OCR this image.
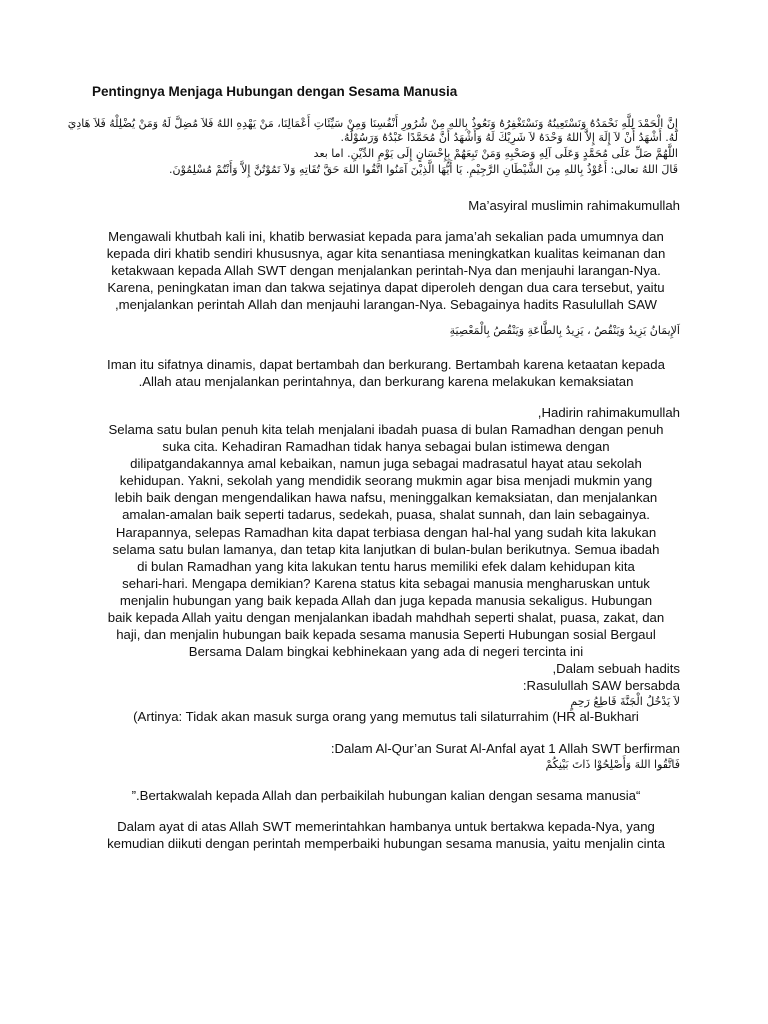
Pentingnya Menjaga Hubungan dengan Sesama Manusia
إِنَّ الْحَمْدَ لِلَّهِ نَحْمَدُهُ وَنَسْتَعِينُهُ وَنَسْتَغْفِرُهُ وَنَعُوذُ بِاللهِ مِنْ شُرُورِ أَنْفُسِنَا وَمِنْ سَيِّئَاتِ أَعْمَالِنَا، مَنْ يَهْدِهِ اللهُ فَلاَ مُضِلَّ لَهُ وَمَنْ يُضْلِلْهُ فَلاَ هَادِيَ
لَهُ. أَشْهَدُ أَنْ لاَ إِلَهَ إِلاَّ اللهُ وَحْدَهُ لاَ شَرِيْكَ لَهُ وَأَشْهَدُ أَنَّ مُحَمَّدًا عَبْدُهُ وَرَسُوْلُهُ.
اللَّهُمَّ صَلِّ عَلَى مُحَمَّدٍ وَعَلَى آلِهِ وَصَحْبِهِ وَمَنْ تَبِعَهُمْ بِإِحْسَانٍ إِلَى يَوْمِ الدِّيْنِ. اما بعد
قَالَ اللهُ تعالى: أَعُوْذُ بِاللهِ مِنَ الشَّيْطَانِ الرَّجِيْمِ. يَا أَيُّهَا الَّذِيْنَ آمَنُوا اتَّقُوا اللهَ حَقَّ تُقَاتِهِ وَلاَ تَمُوْتُنَّ إِلاَّ وَأَنْتُمْ مُسْلِمُوْنَ.
Ma’asyiral muslimin rahimakumullah
Mengawali khutbah kali ini, khatib berwasiat kepada para jama’ah sekalian pada umumnya dan
kepada diri khatib sendiri khususnya, agar kita senantiasa meningkatkan kualitas keimanan dan
ketakwaan kepada Allah SWT dengan menjalankan perintah-Nya dan menjauhi larangan-Nya.
Karena, peningkatan iman dan takwa sejatinya dapat diperoleh dengan dua cara tersebut, yaitu
,menjalankan perintah Allah dan menjauhi larangan-Nya. Sebagainya hadits Rasulullah SAW
اَلإِيمَانُ يَزِيدُ وَيَنْقُصُ ، يَزِيدُ بِالطَّاعَةِ وَيَنْقُصُ بِالْمَعْصِيَةِ
Iman itu sifatnya dinamis, dapat bertambah dan berkurang. Bertambah karena ketaatan kepada
.Allah atau menjalankan perintahnya, dan berkurang karena melakukan kemaksiatan
,Hadirin rahimakumullah
Selama satu bulan penuh kita telah menjalani ibadah puasa di bulan Ramadhan dengan penuh
suka cita. Kehadiran Ramadhan tidak hanya sebagai bulan istimewa dengan
dilipatgandakannya amal kebaikan, namun juga sebagai madrasatul hayat atau sekolah
kehidupan. Yakni, sekolah yang mendidik seorang mukmin agar bisa menjadi mukmin yang
lebih baik dengan mengendalikan hawa nafsu, meninggalkan kemaksiatan, dan menjalankan
amalan-amalan baik seperti tadarus, sedekah, puasa, shalat sunnah, dan lain sebagainya.
Harapannya, selepas Ramadhan kita dapat terbiasa dengan hal-hal yang sudah kita lakukan
selama satu bulan lamanya, dan tetap kita lanjutkan di bulan-bulan berikutnya. Semua ibadah
di bulan Ramadhan yang kita lakukan tentu harus memiliki efek dalam kehidupan kita
sehari-hari. Mengapa demikian? Karena status kita sebagai manusia mengharuskan untuk
menjalin hubungan yang baik kepada Allah dan juga kepada manusia sekaligus. Hubungan
baik kepada Allah yaitu dengan menjalankan ibadah mahdhah seperti shalat, puasa, zakat, dan
haji, dan menjalin hubungan baik kepada sesama manusia Seperti Hubungan sosial Bergaul
Bersama Dalam bingkai kebhinekaan yang ada di negeri tercinta ini
,Dalam sebuah hadits
:Rasulullah SAW bersabda
لاَ يَدْخُلُ الْجَنَّةَ قَاطِعُ رَحِمٍ
(Artinya: Tidak akan masuk surga orang yang memutus tali silaturrahim (HR al-Bukhari
:Dalam Al-Qur’an Surat Al-Anfal ayat 1 Allah SWT berfirman
فَاتَّقُوا اللهَ وَأَصْلِحُوْا ذَاتَ بَيْنِكُمْ
”.Bertakwalah kepada Allah dan perbaikilah hubungan kalian dengan sesama manusia“
Dalam ayat di atas Allah SWT memerintahkan hambanya untuk bertakwa kepada-Nya, yang
kemudian diikuti dengan perintah memperbaiki hubungan sesama manusia, yaitu menjalin cinta
